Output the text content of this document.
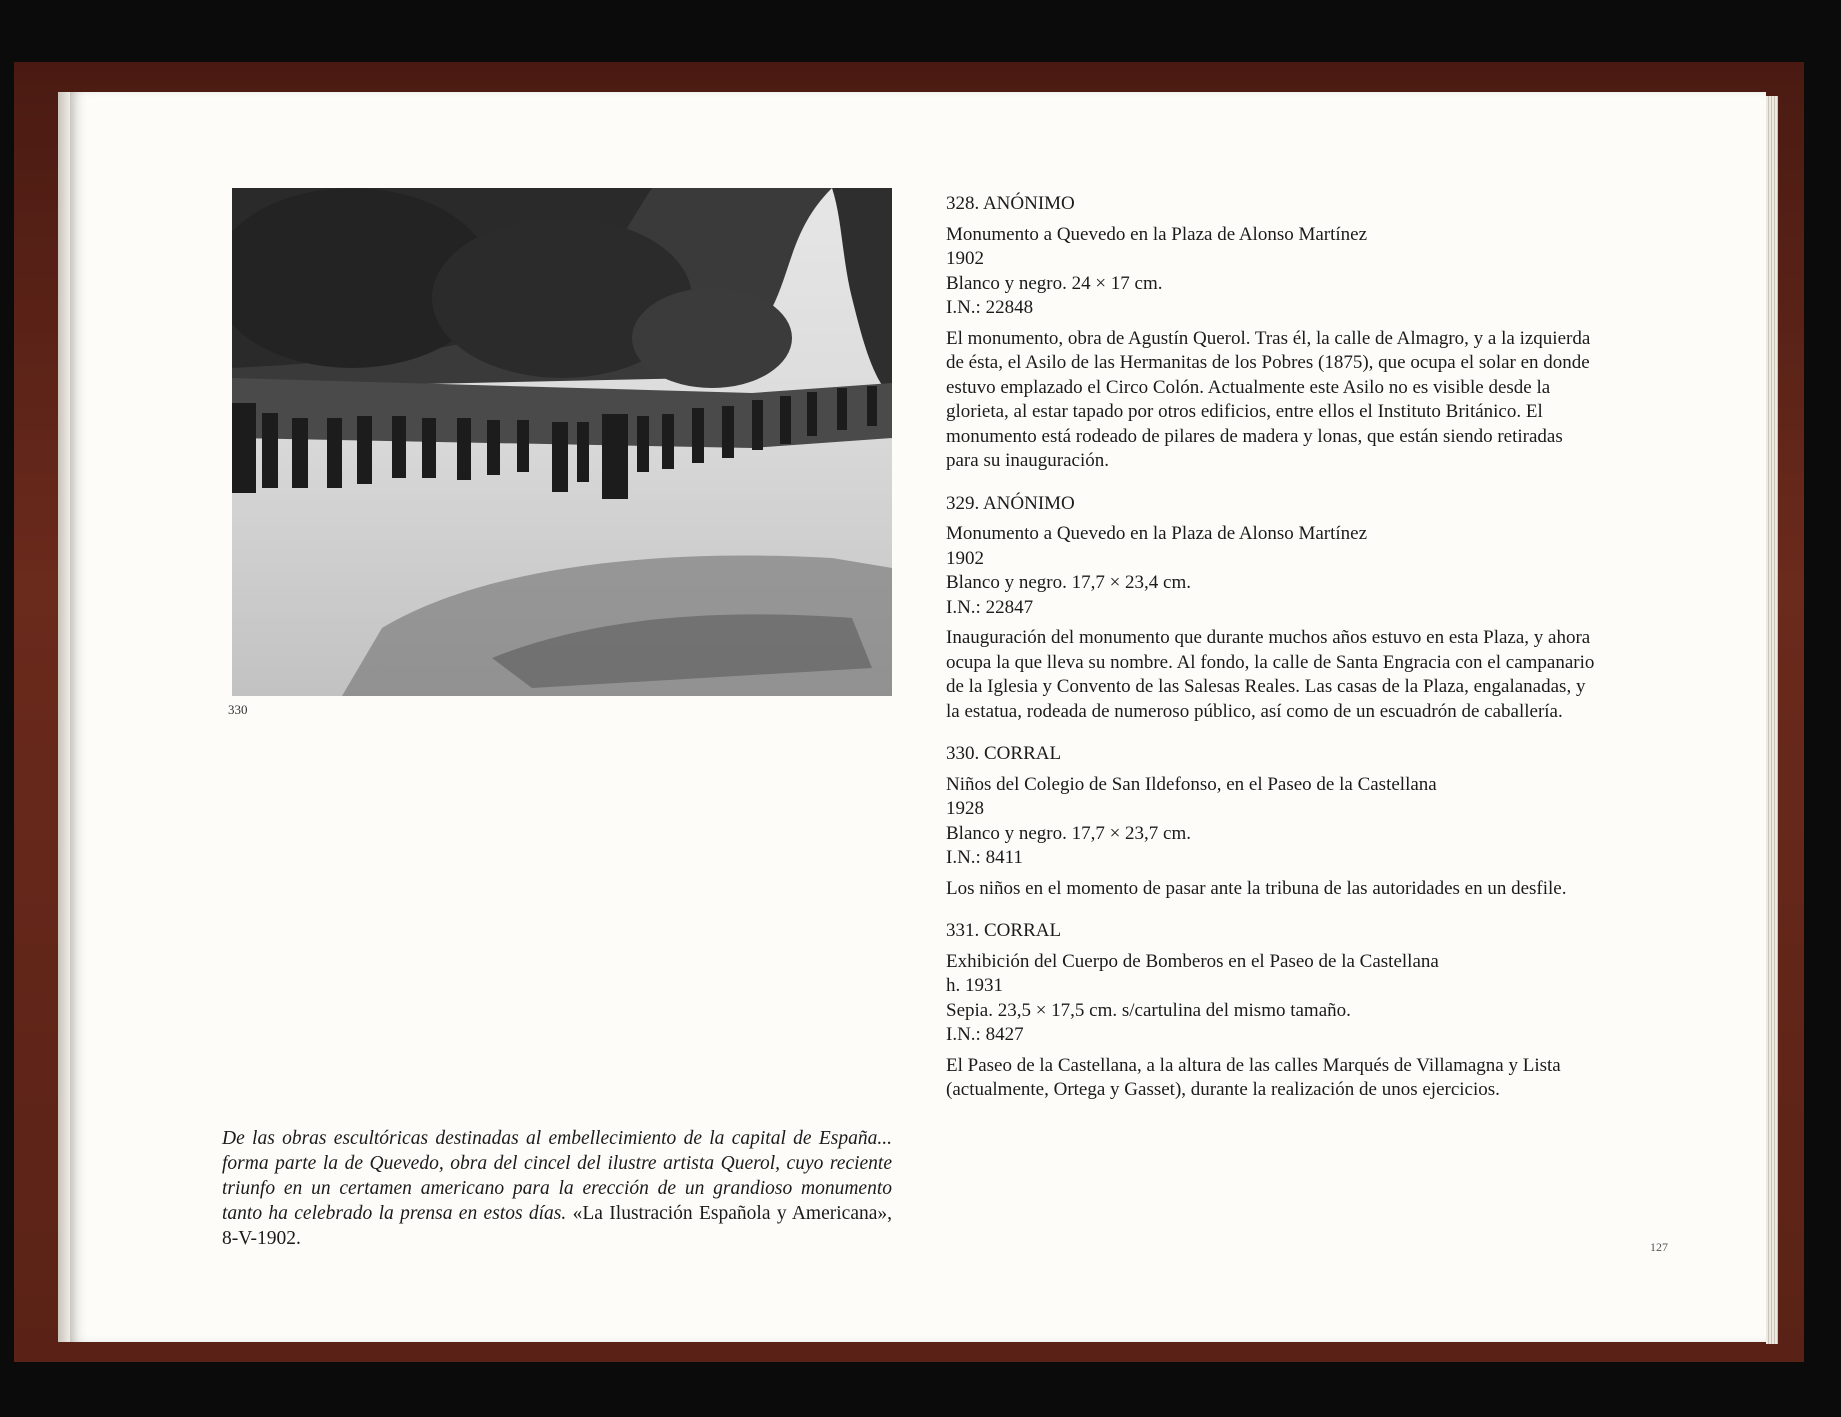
330
De las obras escultóricas destinadas al embellecimiento de la capital de España... forma parte la de Quevedo, obra del cincel del ilustre artista Querol, cuyo reciente triunfo en un certamen americano para la erección de un grandioso monumento tanto ha celebrado la prensa en estos días. «La Ilustración Española y Americana», 8-V-1902.
328. ANÓNIMO
Monumento a Quevedo en la Plaza de Alonso Martínez
1902
Blanco y negro. 24 × 17 cm.
I.N.: 22848
El monumento, obra de Agustín Querol. Tras él, la calle de Almagro, y a la izquierda de ésta, el Asilo de las Hermanitas de los Pobres (1875), que ocupa el solar en donde estuvo emplazado el Circo Colón. Actualmente este Asilo no es visible desde la glorieta, al estar tapado por otros edificios, entre ellos el Instituto Británico. El monumento está rodeado de pilares de madera y lonas, que están siendo retiradas para su inauguración.
329. ANÓNIMO
Monumento a Quevedo en la Plaza de Alonso Martínez
1902
Blanco y negro. 17,7 × 23,4 cm.
I.N.: 22847
Inauguración del monumento que durante muchos años estuvo en esta Plaza, y ahora ocupa la que lleva su nombre. Al fondo, la calle de Santa Engracia con el campanario de la Iglesia y Convento de las Salesas Reales. Las casas de la Plaza, engalanadas, y la estatua, rodeada de numeroso público, así como de un escuadrón de caballería.
330. CORRAL
Niños del Colegio de San Ildefonso, en el Paseo de la Castellana
1928
Blanco y negro. 17,7 × 23,7 cm.
I.N.: 8411
Los niños en el momento de pasar ante la tribuna de las autoridades en un desfile.
331. CORRAL
Exhibición del Cuerpo de Bomberos en el Paseo de la Castellana
h. 1931
Sepia. 23,5 × 17,5 cm. s/cartulina del mismo tamaño.
I.N.: 8427
El Paseo de la Castellana, a la altura de las calles Marqués de Villamagna y Lista (actualmente, Ortega y Gasset), durante la realización de unos ejercicios.
127
